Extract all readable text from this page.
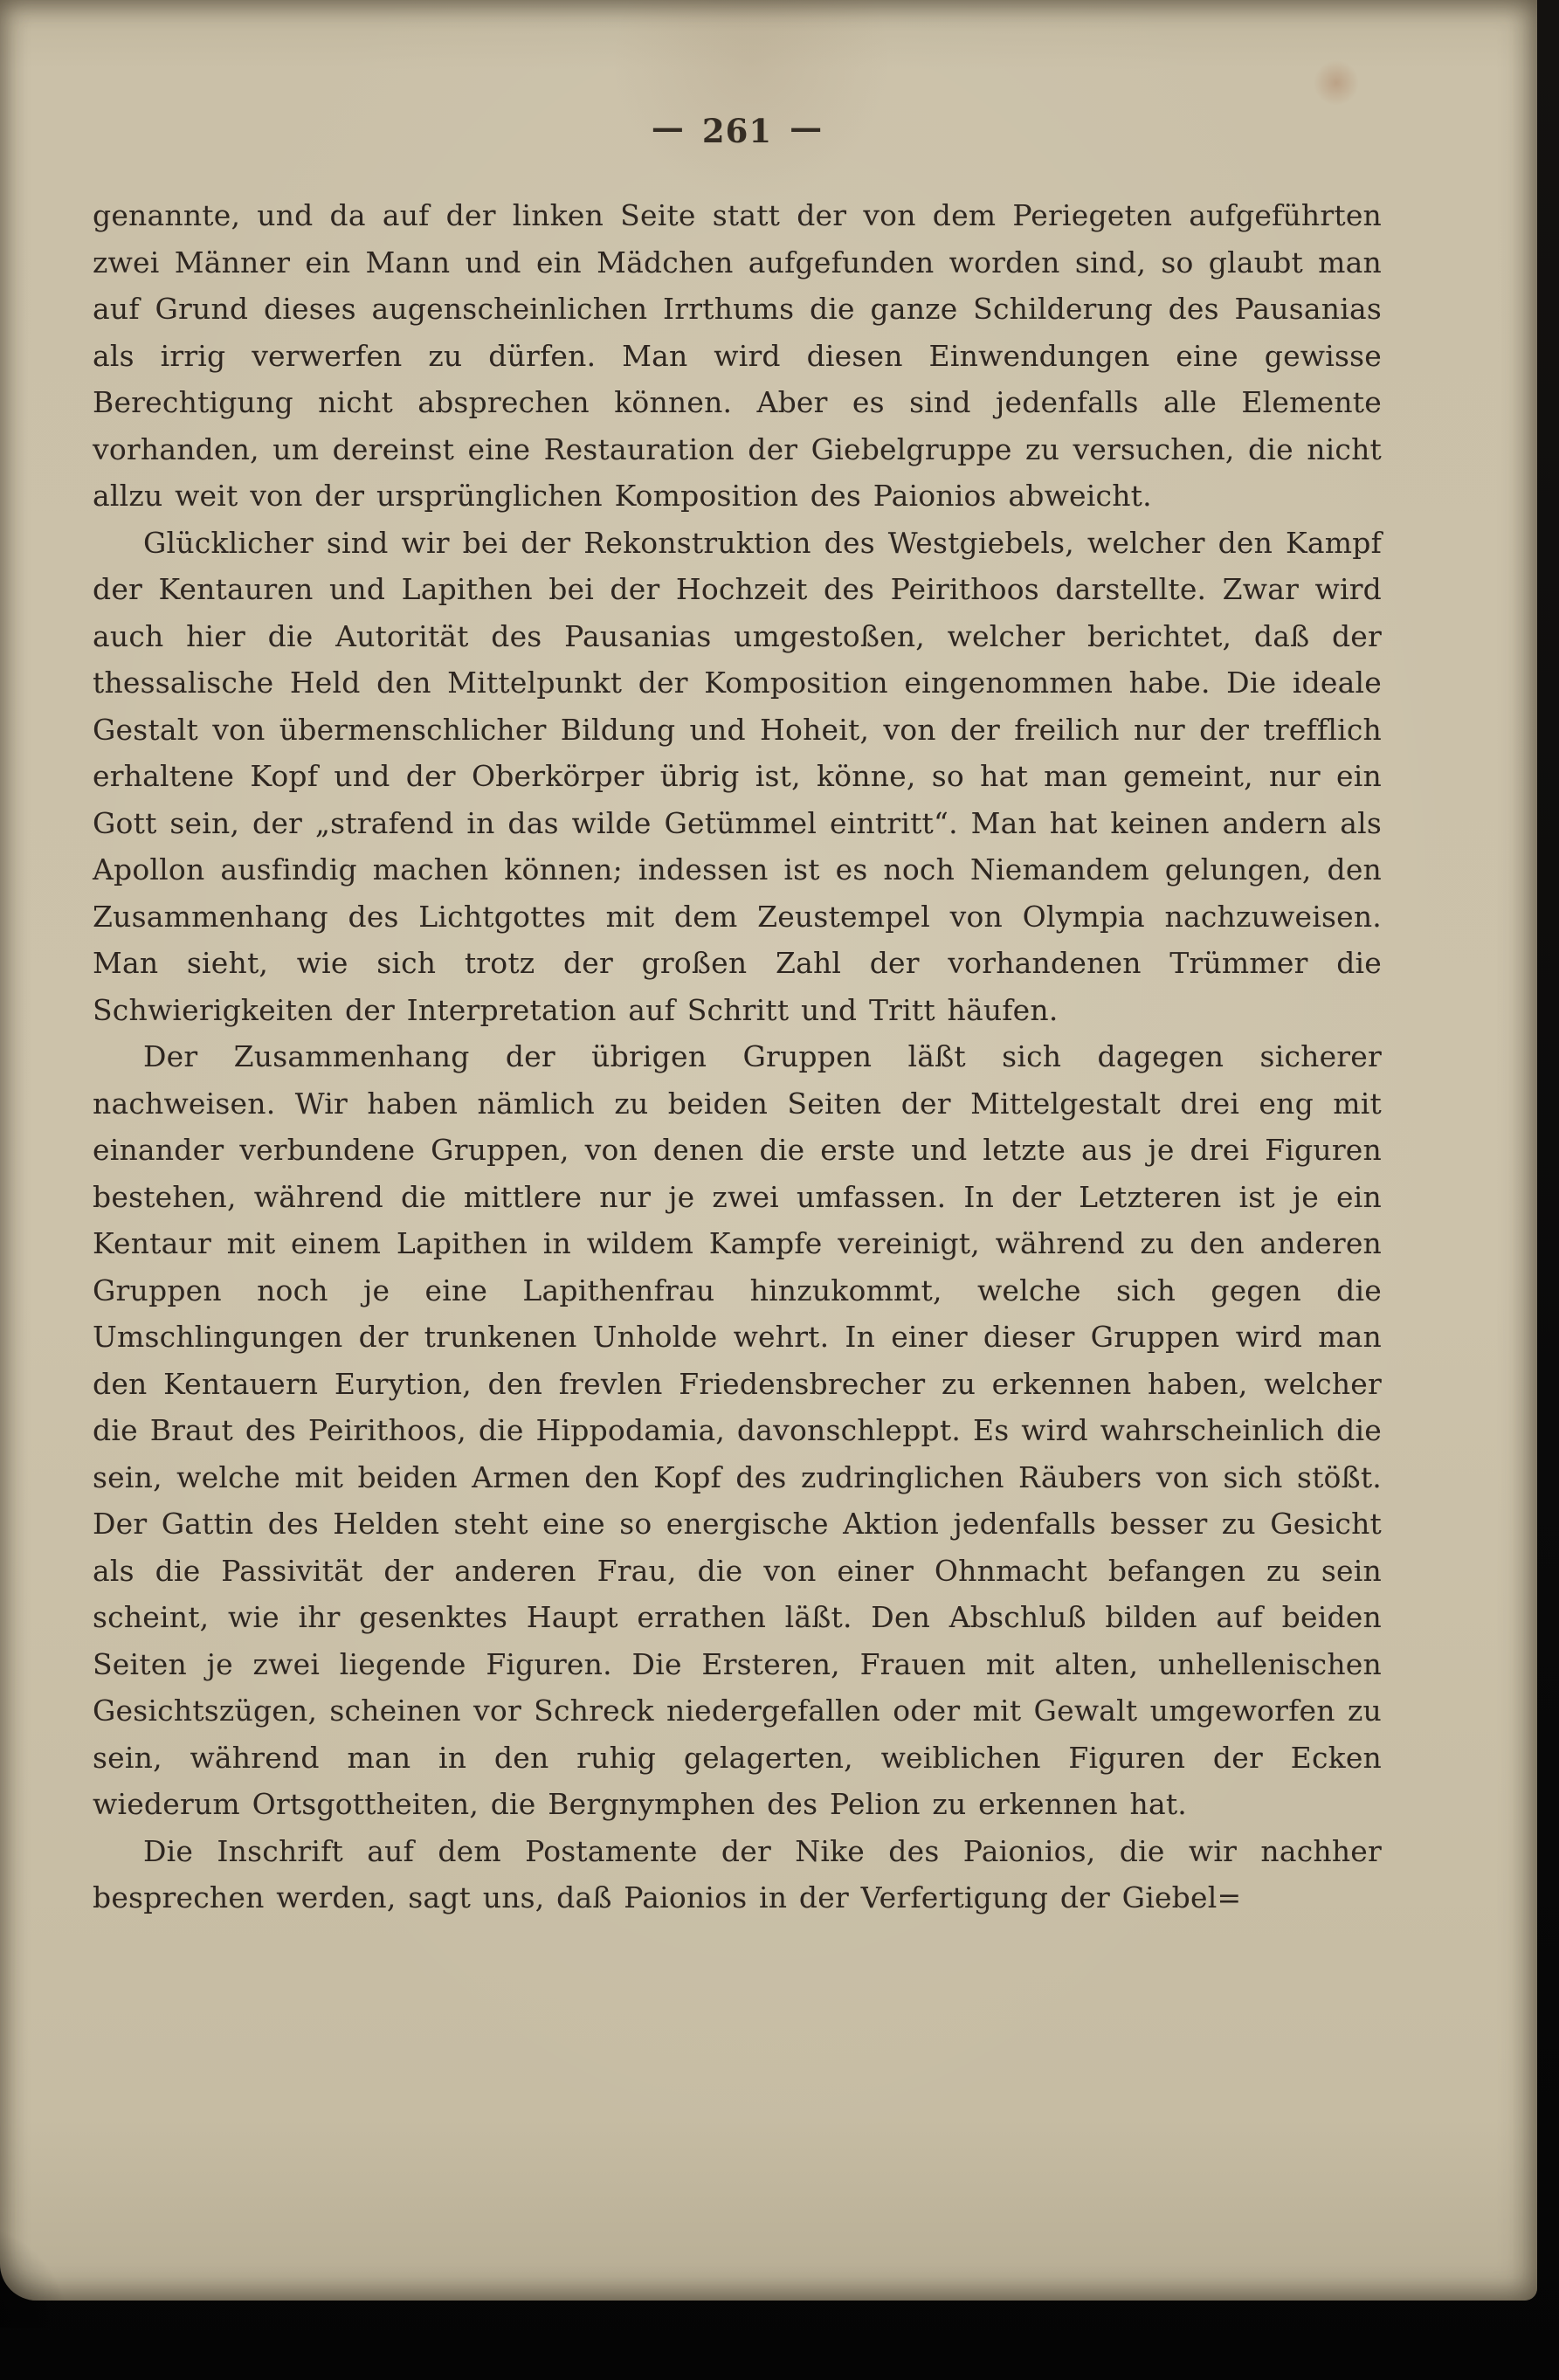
— 261 —

genannte, und da auf der linken Seite statt der von dem Periegeten aufgeführten zwei Männer ein Mann und ein Mädchen aufgefunden worden sind, so glaubt man auf Grund dieses augenscheinlichen Irrthums die ganze Schilderung des Pausanias als irrig verwerfen zu dürfen. Man wird diesen Einwendungen eine gewisse Berechtigung nicht absprechen können. Aber es sind jedenfalls alle Elemente vorhanden, um dereinst eine Restauration der Giebelgruppe zu versuchen, die nicht allzu weit von der ursprünglichen Komposition des Paionios abweicht.

Glücklicher sind wir bei der Rekonstruktion des Westgiebels, welcher den Kampf der Kentauren und Lapithen bei der Hochzeit des Peirithoos darstellte. Zwar wird auch hier die Autorität des Pausanias umgestoßen, welcher berichtet, daß der thessalische Held den Mittelpunkt der Komposition eingenommen habe. Die ideale Gestalt von übermenschlicher Bildung und Hoheit, von der freilich nur der trefflich erhaltene Kopf und der Oberkörper übrig ist, könne, so hat man gemeint, nur ein Gott sein, der „strafend in das wilde Getümmel eintritt“. Man hat keinen andern als Apollon ausfindig machen können; indessen ist es noch Niemandem gelungen, den Zusammenhang des Lichtgottes mit dem Zeustempel von Olympia nachzuweisen. Man sieht, wie sich trotz der großen Zahl der vorhandenen Trümmer die Schwierigkeiten der Interpretation auf Schritt und Tritt häufen.

Der Zusammenhang der übrigen Gruppen läßt sich dagegen sicherer nachweisen. Wir haben nämlich zu beiden Seiten der Mittelgestalt drei eng mit einander verbundene Gruppen, von denen die erste und letzte aus je drei Figuren bestehen, während die mittlere nur je zwei umfassen. In der Letzteren ist je ein Kentaur mit einem Lapithen in wildem Kampfe vereinigt, während zu den anderen Gruppen noch je eine Lapithenfrau hinzukommt, welche sich gegen die Umschlingungen der trunkenen Unholde wehrt. In einer dieser Gruppen wird man den Kentauern Eurytion, den frevlen Friedensbrecher zu erkennen haben, welcher die Braut des Peirithoos, die Hippodamia, davonschleppt. Es wird wahrscheinlich die sein, welche mit beiden Armen den Kopf des zudringlichen Räubers von sich stößt. Der Gattin des Helden steht eine so energische Aktion jedenfalls besser zu Gesicht als die Passivität der anderen Frau, die von einer Ohnmacht befangen zu sein scheint, wie ihr gesenktes Haupt errathen läßt. Den Abschluß bilden auf beiden Seiten je zwei liegende Figuren. Die Ersteren, Frauen mit alten, unhellenischen Gesichtszügen, scheinen vor Schreck niedergefallen oder mit Gewalt umgeworfen zu sein, während man in den ruhig gelagerten, weiblichen Figuren der Ecken wiederum Ortsgottheiten, die Bergnymphen des Pelion zu erkennen hat.

Die Inschrift auf dem Postamente der Nike des Paionios, die wir nachher besprechen werden, sagt uns, daß Paionios in der Verfertigung der Giebel=
